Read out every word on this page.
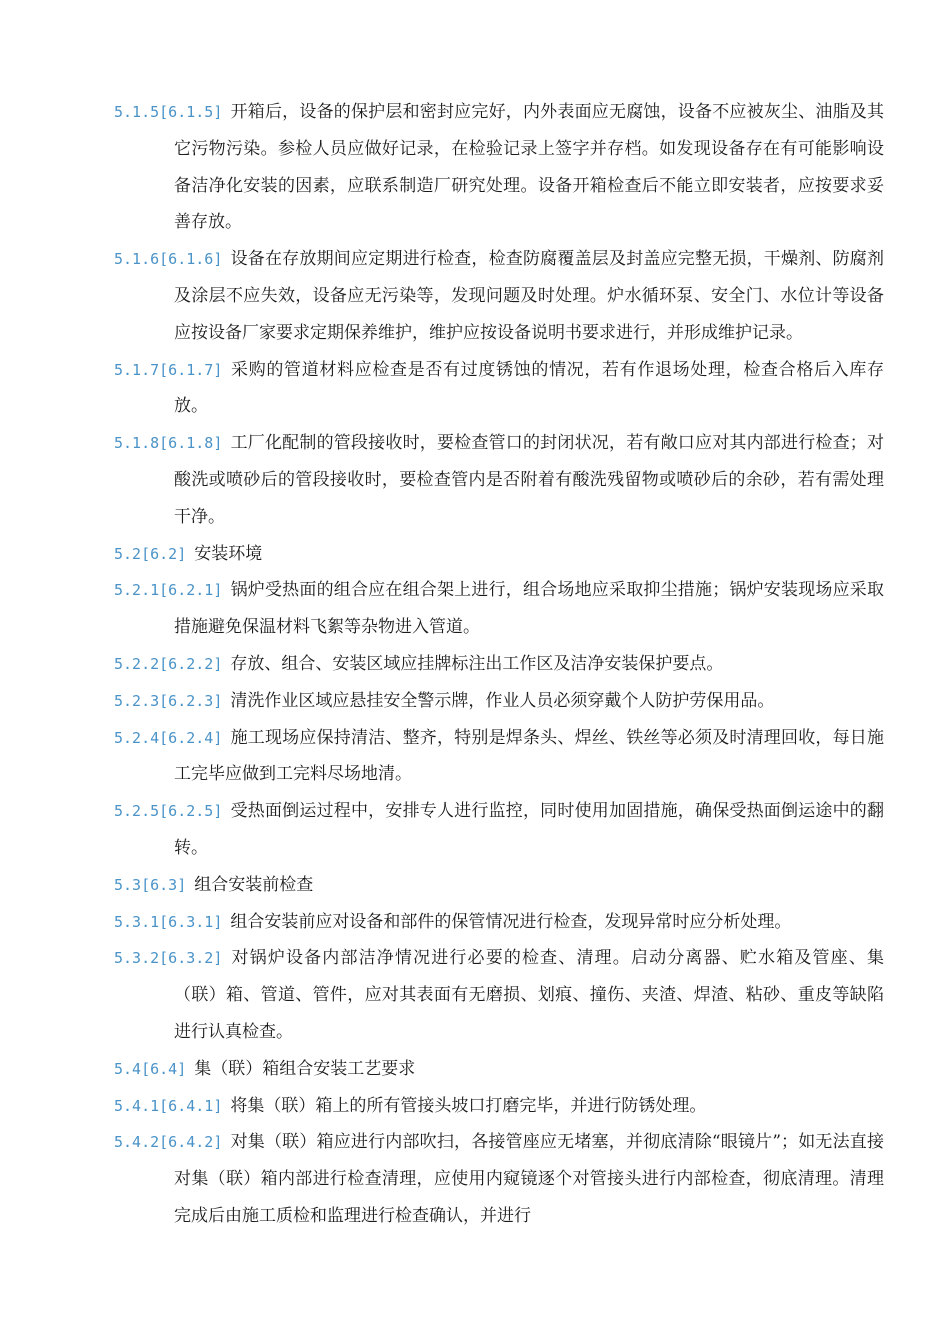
5.1.5[6.1.5] 开箱后，设备的保护层和密封应完好，内外表面应无腐蚀，设备不应被灰尘、油脂及其它污物污染。参检人员应做好记录，在检验记录上签字并存档。如发现设备存在有可能影响设备洁净化安装的因素，应联系制造厂研究处理。设备开箱检查后不能立即安装者，应按要求妥善存放。
5.1.6[6.1.6] 设备在存放期间应定期进行检查，检查防腐覆盖层及封盖应完整无损，干燥剂、防腐剂及涂层不应失效，设备应无污染等，发现问题及时处理。炉水循环泵、安全门、水位计等设备应按设备厂家要求定期保养维护，维护应按设备说明书要求进行，并形成维护记录。
5.1.7[6.1.7] 采购的管道材料应检查是否有过度锈蚀的情况，若有作退场处理，检查合格后入库存放。
5.1.8[6.1.8] 工厂化配制的管段接收时，要检查管口的封闭状况，若有敞口应对其内部进行检查；对酸洗或喷砂后的管段接收时，要检查管内是否附着有酸洗残留物或喷砂后的余砂，若有需处理干净。
5.2[6.2] 安装环境
5.2.1[6.2.1] 锅炉受热面的组合应在组合架上进行，组合场地应采取抑尘措施；锅炉安装现场应采取措施避免保温材料飞絮等杂物进入管道。
5.2.2[6.2.2] 存放、组合、安装区域应挂牌标注出工作区及洁净安装保护要点。
5.2.3[6.2.3] 清洗作业区域应悬挂安全警示牌，作业人员必须穿戴个人防护劳保用品。
5.2.4[6.2.4] 施工现场应保持清洁、整齐，特别是焊条头、焊丝、铁丝等必须及时清理回收，每日施工完毕应做到工完料尽场地清。
5.2.5[6.2.5] 受热面倒运过程中，安排专人进行监控，同时使用加固措施，确保受热面倒运途中的翻转。
5.3[6.3] 组合安装前检查
5.3.1[6.3.1] 组合安装前应对设备和部件的保管情况进行检查，发现异常时应分析处理。
5.3.2[6.3.2] 对锅炉设备内部洁净情况进行必要的检查、清理。启动分离器、贮水箱及管座、集（联）箱、管道、管件，应对其表面有无磨损、划痕、撞伤、夹渣、焊渣、粘砂、重皮等缺陷进行认真检查。
5.4[6.4] 集（联）箱组合安装工艺要求
5.4.1[6.4.1] 将集（联）箱上的所有管接头坡口打磨完毕，并进行防锈处理。
5.4.2[6.4.2] 对集（联）箱应进行内部吹扫，各接管座应无堵塞，并彻底清除“眼镜片”；如无法直接对集（联）箱内部进行检查清理，应使用内窥镜逐个对管接头进行内部检查，彻底清理。清理完成后由施工质检和监理进行检查确认，并进行
